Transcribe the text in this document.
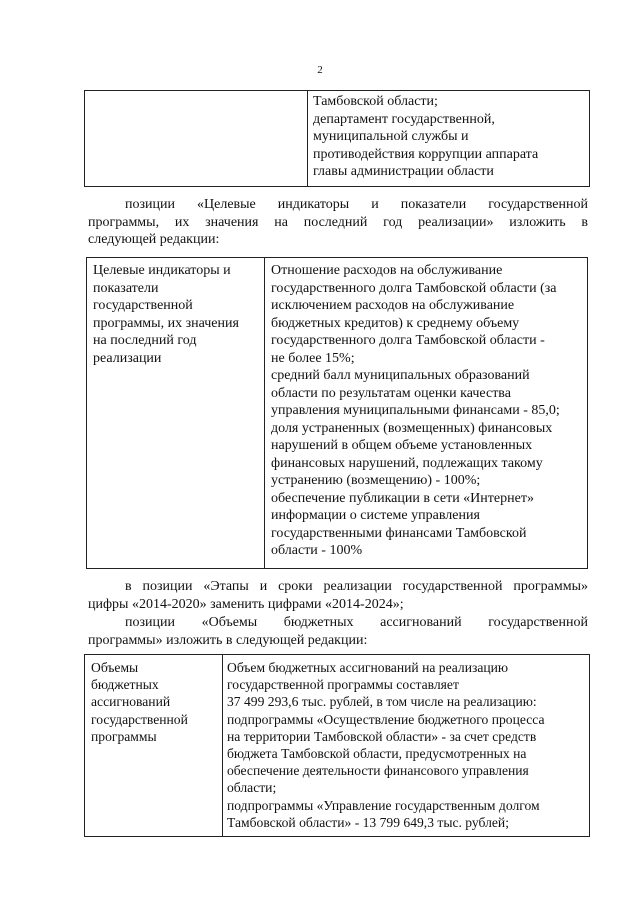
2
Тамбовской области;
департамент государственной,
муниципальной службы и
противодействия коррупции аппарата
главы администрации области
позиции «Целевые индикаторы и показатели государственной
программы, их значения на последний год реализации» изложить в
следующей редакции:
Целевые индикаторы и
показатели
государственной
программы, их значения
на последний год
реализации
Отношение расходов на обслуживание
государственного долга Тамбовской области (за
исключением расходов на обслуживание
бюджетных кредитов) к среднему объему
государственного долга Тамбовской области -
не более 15%;
средний балл муниципальных образований
области по результатам оценки качества
управления муниципальными финансами - 85,0;
доля устраненных (возмещенных) финансовых
нарушений в общем объеме установленных
финансовых нарушений, подлежащих такому
устранению (возмещению) - 100%;
обеспечение публикации в сети «Интернет»
информации о системе управления
государственными финансами Тамбовской
области - 100%
в позиции «Этапы и сроки реализации государственной программы»
цифры «2014-2020» заменить цифрами «2014-2024»;
позиции «Объемы бюджетных ассигнований государственной
программы» изложить в следующей редакции:
Объемы
бюджетных
ассигнований
государственной
программы
Объем бюджетных ассигнований на реализацию
государственной программы составляет
37 499 293,6 тыс. рублей, в том числе на реализацию:
подпрограммы «Осуществление бюджетного процесса
на территории Тамбовской области» - за счет средств
бюджета Тамбовской области, предусмотренных на
обеспечение деятельности финансового управления
области;
подпрограммы «Управление государственным долгом
Тамбовской области» - 13 799 649,3 тыс. рублей;
